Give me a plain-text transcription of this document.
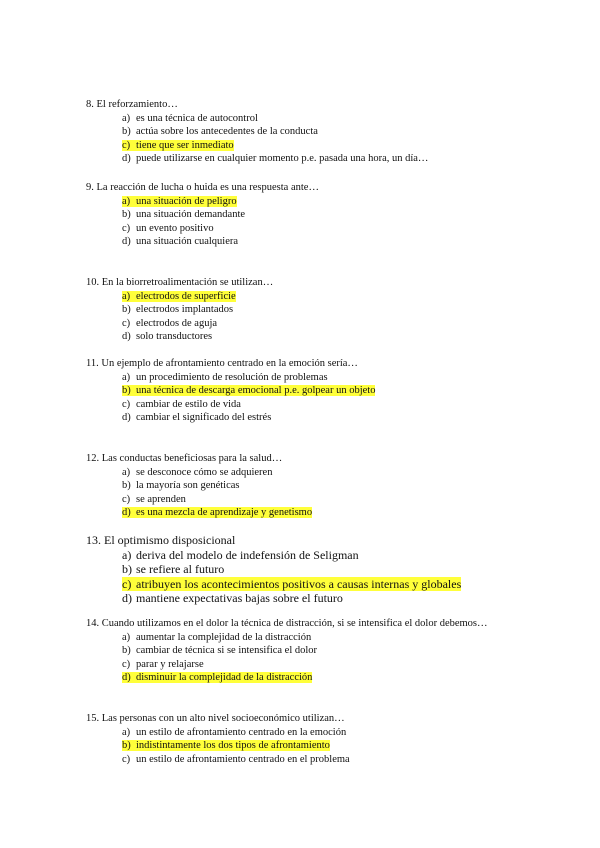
8. El reforzamiento…

a) es una técnica de autocontrol
b) actúa sobre los antecedentes de la conducta
c) tiene que ser inmediato
d) puede utilizarse en cualquier momento p.e. pasada una hora, un día…

9. La reacción de lucha o huida es una respuesta ante…

a) una situación de peligro
b) una situación demandante
c) un evento positivo
d) una situación cualquiera

10. En la biorretroalimentación se utilizan…

a) electrodos de superficie
b) electrodos implantados
c) electrodos de aguja
d) solo transductores

11. Un ejemplo de afrontamiento centrado en la emoción sería…

a) un procedimiento de resolución de problemas
b) una técnica de descarga emocional p.e. golpear un objeto
c) cambiar de estilo de vida
d) cambiar el significado del estrés

12. Las conductas beneficiosas para la salud…

a) se desconoce cómo se adquieren
b) la mayoría son genéticas
c) se aprenden
d) es una mezcla de aprendizaje y genetismo

13. El optimismo disposicional

a) deriva del modelo de indefensión de Seligman
b) se refiere al futuro
c) atribuyen los acontecimientos positivos a causas internas y globales
d) mantiene expectativas bajas sobre el futuro

14. Cuando utilizamos en el dolor la técnica de distracción, si se intensifica el dolor debemos…

a) aumentar la complejidad de la distracción
b) cambiar de técnica si se intensifica el dolor
c) parar y relajarse
d) disminuir la complejidad de la distracción

15. Las personas con un alto nivel socioeconómico utilizan…

a) un estilo de afrontamiento centrado en la emoción
b) indistintamente los dos tipos de afrontamiento
c) un estilo de afrontamiento centrado en el problema
